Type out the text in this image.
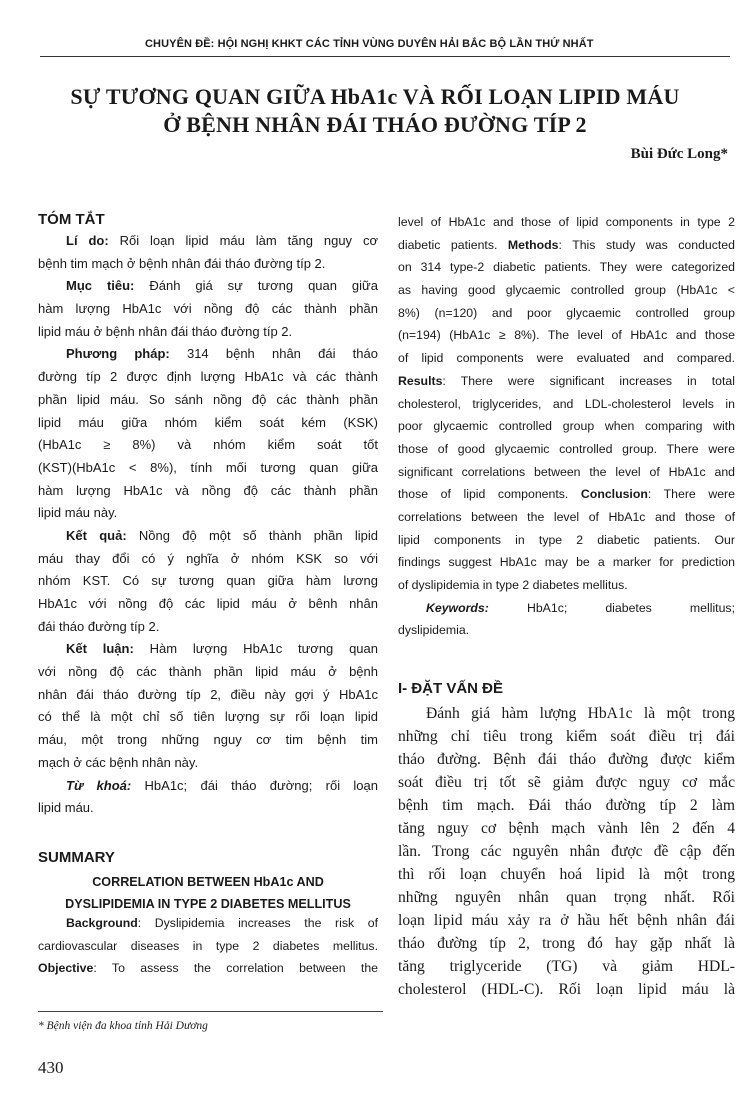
CHUYÊN ĐỀ: HỘI NGHỊ KHKT CÁC TỈNH VÙNG DUYÊN HẢI BẮC BỘ LẦN THỨ NHẤT
SỰ TƯƠNG QUAN GIỮA HbA1c VÀ RỐI LOẠN LIPID MÁU
Ở BỆNH NHÂN ĐÁI THÁO ĐƯỜNG TÍP 2
Bùi Đức Long*
TÓM TẮT
Lí do: Rối loạn lipid máu làm tăng nguy cơ
bệnh tim mạch ở bệnh nhân đái tháo đường típ 2.
Mục tiêu: Đánh giá sự tương quan giữa
hàm lượng HbA1c với nồng độ các thành phần
lipid máu ở bệnh nhân đái tháo đường típ 2.
Phương pháp: 314 bệnh nhân đái tháo
đường típ 2 được định lượng HbA1c và các thành
phần lipid máu. So sánh nồng độ các thành phần
lipid máu giữa nhóm kiểm soát kém (KSK)
(HbA1c ≥ 8%) và nhóm kiểm soát tốt
(KST)(HbA1c < 8%), tính mối tương quan giữa
hàm lượng HbA1c và nồng độ các thành phần
lipid máu này.
Kết quả: Nồng độ một số thành phần lipid
máu thay đổi có ý nghĩa ở nhóm KSK so với
nhóm KST. Có sự tương quan giữa hàm lương
HbA1c với nồng độ các lipid máu ở bênh nhân
đái tháo đường típ 2.
Kết luận: Hàm lượng HbA1c tương quan
với nồng độ các thành phần lipid máu ở bệnh
nhân đái tháo đường típ 2, điều này gợi ý HbA1c
có thể là một chỉ số tiên lượng sự rối loạn lipid
máu, một trong những nguy cơ tim bệnh tim
mạch ở các bệnh nhân này.
Từ khoá: HbA1c; đái tháo đường; rối loạn
lipid máu.
SUMMARY
CORRELATION BETWEEN HbA1c AND
DYSLIPIDEMIA IN TYPE 2 DIABETES MELLITUS
Background: Dyslipidemia increases the risk of
cardiovascular diseases in type 2 diabetes mellitus.
Objective: To assess the correlation between the
level of HbA1c and those of lipid components in type 2
diabetic patients. Methods: This study was conducted
on 314 type-2 diabetic patients. They were categorized
as having good glycaemic controlled group (HbA1c <
8%) (n=120) and poor glycaemic controlled group
(n=194) (HbA1c ≥ 8%). The level of HbA1c and those
of lipid components were evaluated and compared.
Results: There were significant increases in total
cholesterol, triglycerides, and LDL-cholesterol levels in
poor glycaemic controlled group when comparing with
those of good glycaemic controlled group. There were
significant correlations between the level of HbA1c and
those of lipid components. Conclusion: There were
correlations between the level of HbA1c and those of
lipid components in type 2 diabetic patients. Our
findings suggest HbA1c may be a marker for prediction
of dyslipidemia in type 2 diabetes mellitus.
Keywords: HbA1c; diabetes mellitus;
dyslipidemia.
I- ĐẶT VẤN ĐỀ
Đánh giá hàm lượng HbA1c là một trong
những chỉ tiêu trong kiểm soát điều trị đái
tháo đường. Bệnh đái tháo đường được kiểm
soát điều trị tốt sẽ giảm được nguy cơ mắc
bệnh tim mạch. Đái tháo đường típ 2 làm
tăng nguy cơ bệnh mạch vành lên 2 đến 4
lần. Trong các nguyên nhân được đề cập đến
thì rối loạn chuyển hoá lipid là một trong
những nguyên nhân quan trọng nhất. Rối
loạn lipid máu xảy ra ở hầu hết bệnh nhân đái
tháo đường típ 2, trong đó hay gặp nhất là
tăng triglyceride (TG) và giảm HDL-
cholesterol (HDL-C). Rối loạn lipid máu là
* Bệnh viện đa khoa tỉnh Hải Dương
430
